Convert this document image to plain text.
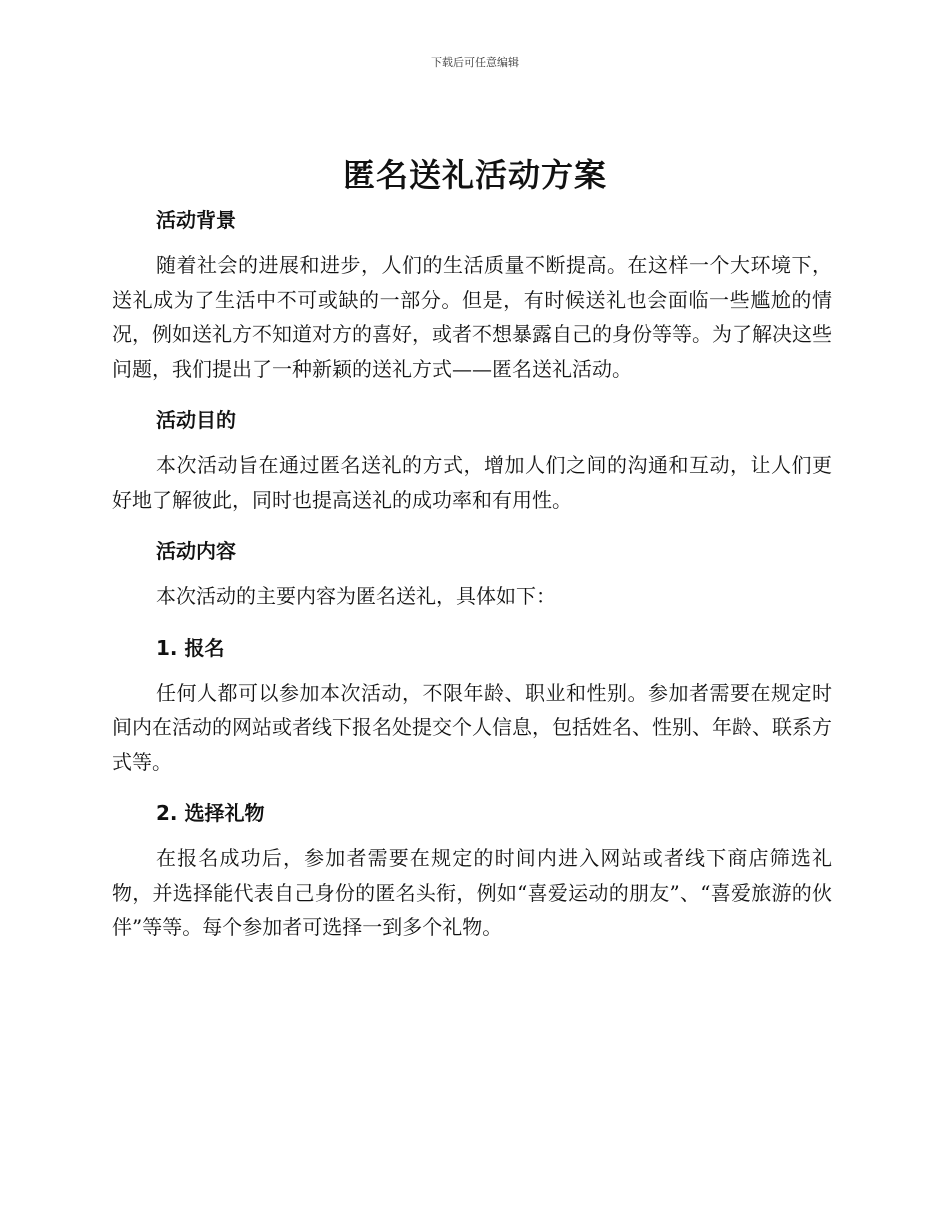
下载后可任意编辑
匿名送礼活动方案
活动背景

随着社会的进展和进步，人们的生活质量不断提高。在这样一个大环境下，送礼成为了生活中不可或缺的一部分。但是，有时候送礼也会面临一些尴尬的情况，例如送礼方不知道对方的喜好，或者不想暴露自己的身份等等。为了解决这些问题，我们提出了一种新颖的送礼方式——匿名送礼活动。

活动目的

本次活动旨在通过匿名送礼的方式，增加人们之间的沟通和互动，让人们更好地了解彼此，同时也提高送礼的成功率和有用性。

活动内容

本次活动的主要内容为匿名送礼，具体如下：

1. 报名

任何人都可以参加本次活动，不限年龄、职业和性别。参加者需要在规定时间内在活动的网站或者线下报名处提交个人信息，包括姓名、性别、年龄、联系方式等。

2. 选择礼物

在报名成功后，参加者需要在规定的时间内进入网站或者线下商店筛选礼物，并选择能代表自己身份的匿名头衔，例如“喜爱运动的朋友”、“喜爱旅游的伙伴”等等。每个参加者可选择一到多个礼物。
